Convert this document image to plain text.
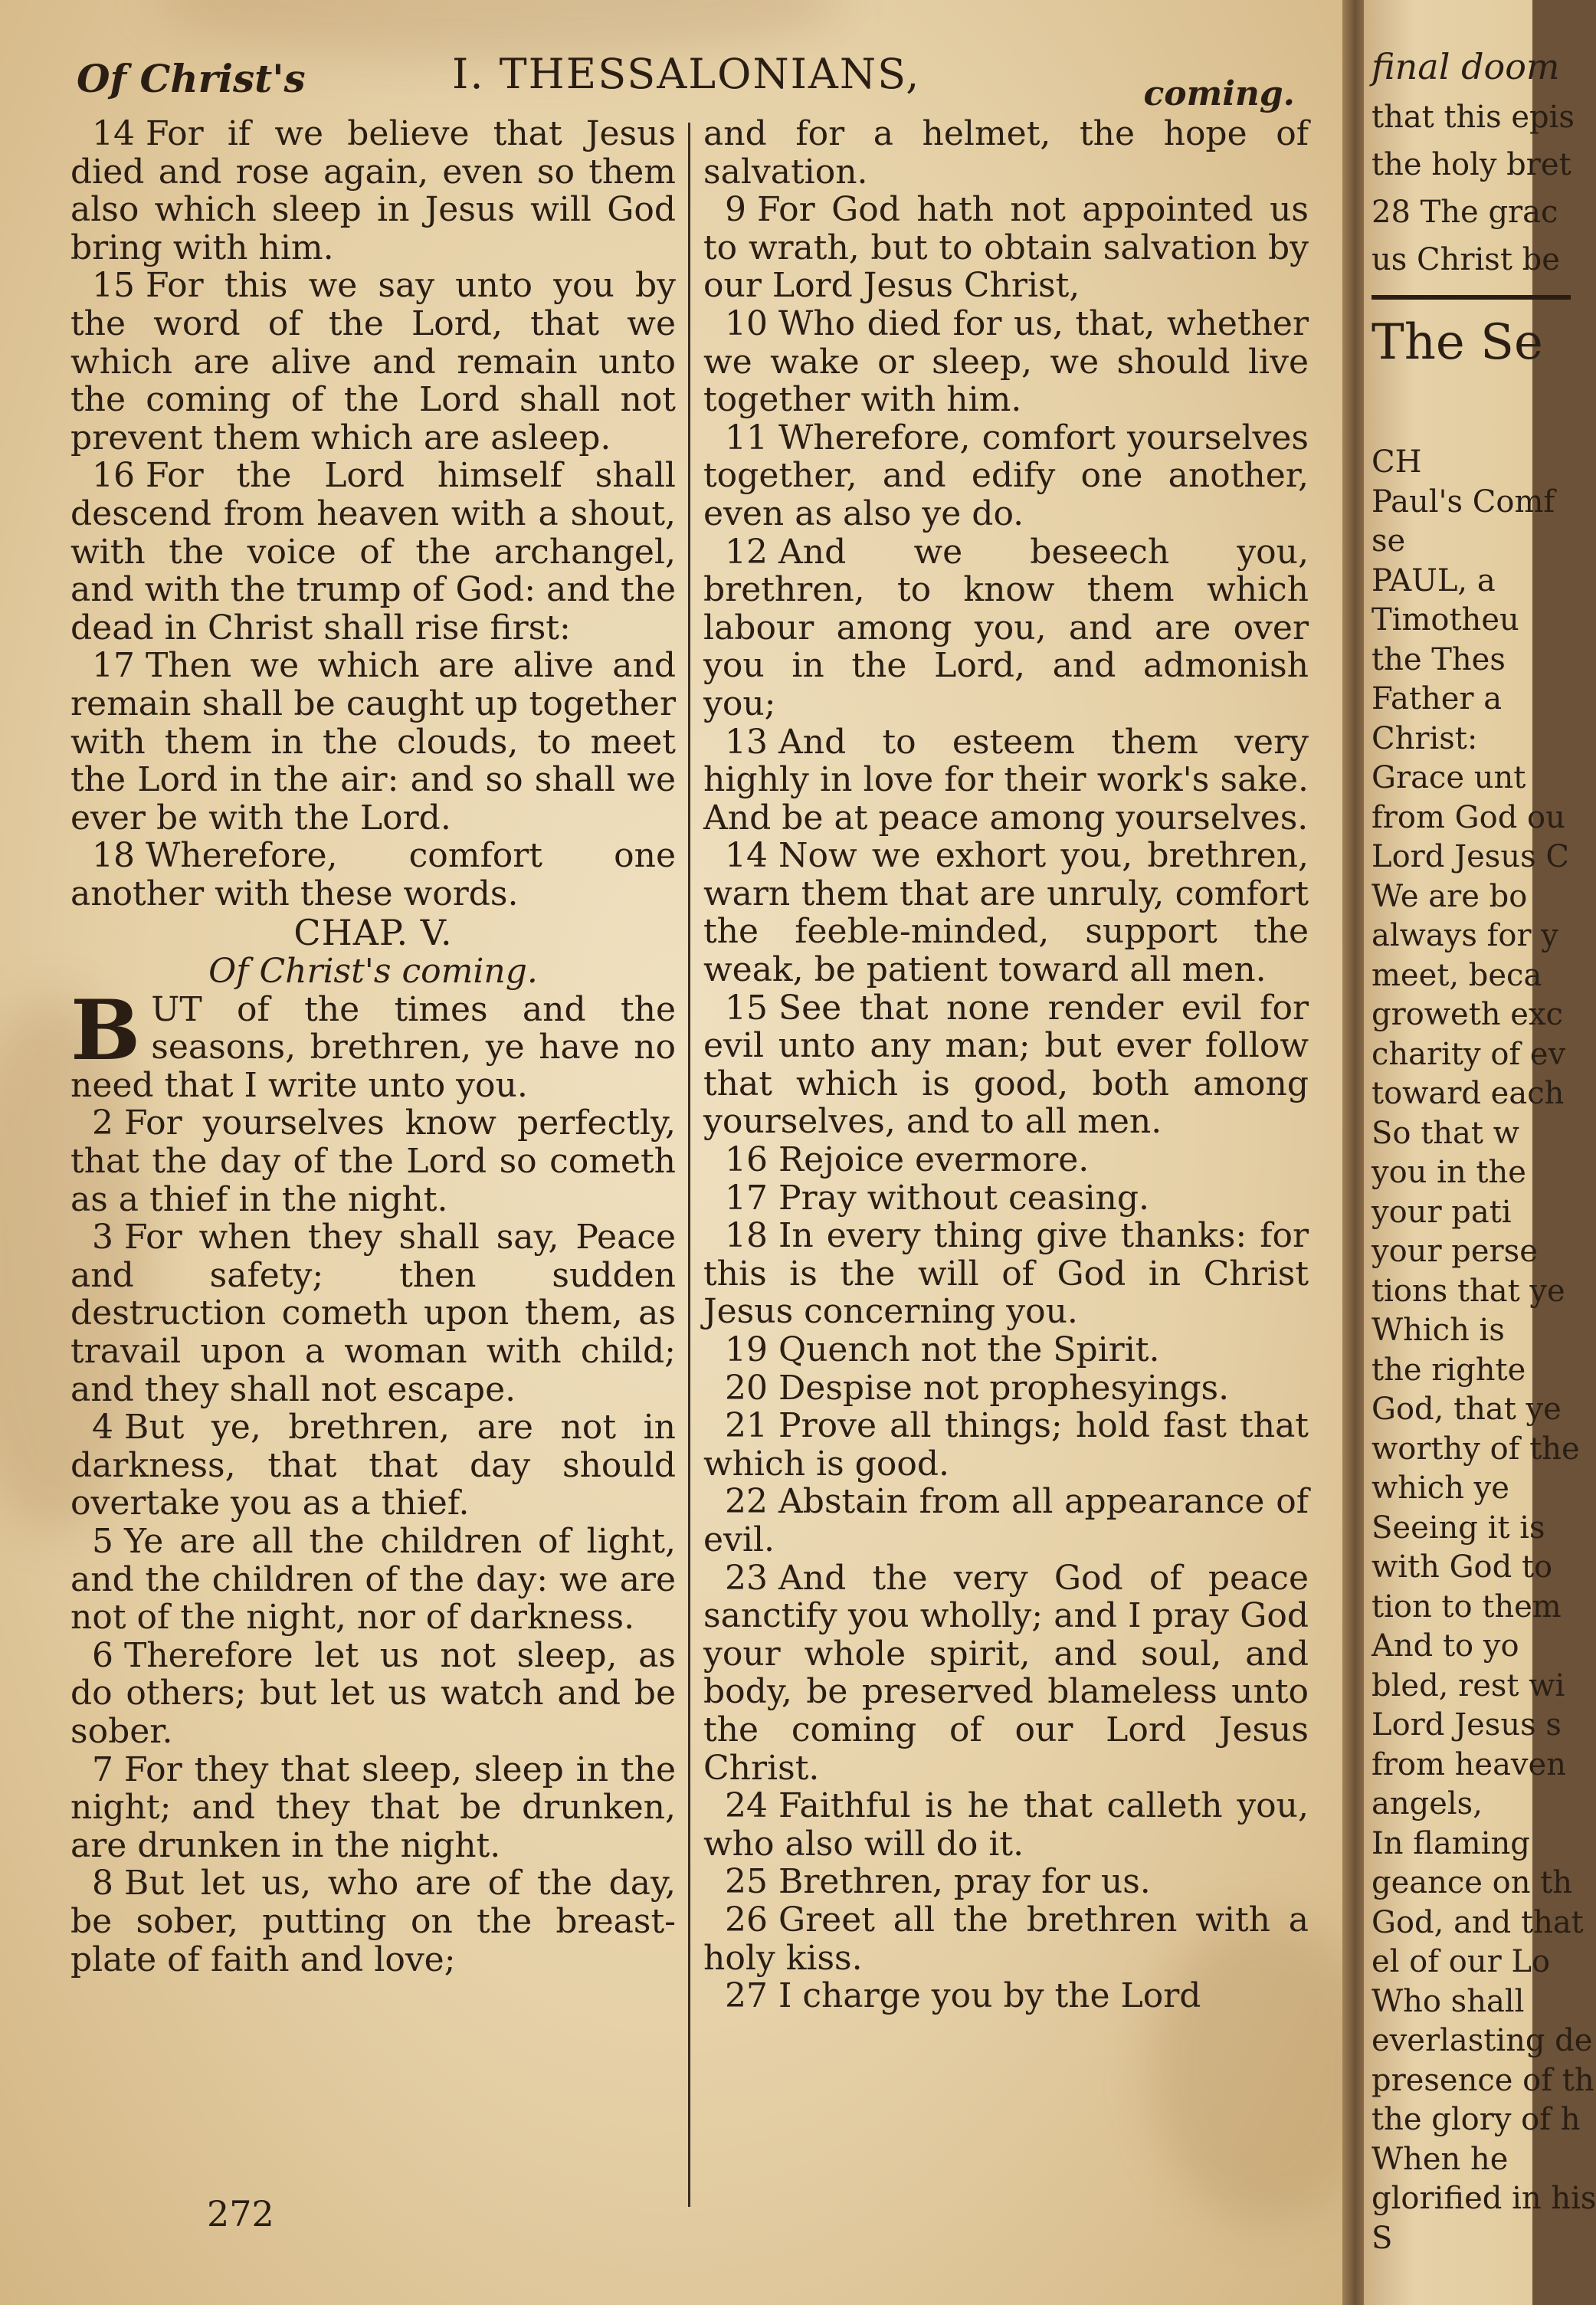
Of Christ's	I. THESSALONIANS,	coming.

14 For if we believe that Jesus died and rose again, even so them also which sleep in Jesus will God bring with him.

15 For this we say unto you by the word of the Lord, that we which are alive and remain unto the coming of the Lord shall not prevent them which are asleep.

16 For the Lord himself shall descend from heaven with a shout, with the voice of the archangel, and with the trump of God: and the dead in Christ shall rise first:

17 Then we which are alive and remain shall be caught up together with them in the clouds, to meet the Lord in the air: and so shall we ever be with the Lord.

18 Wherefore, comfort one another with these words.

CHAP. V.

Of Christ's coming.

BUT of the times and the seasons, brethren, ye have no need that I write unto you.

2 For yourselves know perfectly, that the day of the Lord so cometh as a thief in the night.

3 For when they shall say, Peace and safety; then sudden destruction cometh upon them, as travail upon a woman with child; and they shall not escape.

4 But ye, brethren, are not in darkness, that that day should overtake you as a thief.

5 Ye are all the children of light, and the children of the day: we are not of the night, nor of darkness.

6 Therefore let us not sleep, as do others; but let us watch and be sober.

7 For they that sleep, sleep in the night; and they that be drunken, are drunken in the night.

8 But let us, who are of the day, be sober, putting on the breast-plate of faith and love;

and for a helmet, the hope of salvation.

9 For God hath not appointed us to wrath, but to obtain salvation by our Lord Jesus Christ,

10 Who died for us, that, whether we wake or sleep, we should live together with him.

11 Wherefore, comfort yourselves together, and edify one another, even as also ye do.

12 And we beseech you, brethren, to know them which labour among you, and are over you in the Lord, and admonish you;

13 And to esteem them very highly in love for their work's sake. And be at peace among yourselves.

14 Now we exhort you, brethren, warn them that are unruly, comfort the feeble-minded, support the weak, be patient toward all men.

15 See that none render evil for evil unto any man; but ever follow that which is good, both among yourselves, and to all men.

16 Rejoice evermore.

17 Pray without ceasing.

18 In every thing give thanks: for this is the will of God in Christ Jesus concerning you.

19 Quench not the Spirit.

20 Despise not prophesyings.

21 Prove all things; hold fast that which is good.

22 Abstain from all appearance of evil.

23 And the very God of peace sanctify you wholly; and I pray God your whole spirit, and soul, and body, be preserved blameless unto the coming of our Lord Jesus Christ.

24 Faithful is he that calleth you, who also will do it.

25 Brethren, pray for us.

26 Greet all the brethren with a holy kiss.

27 I charge you by the Lord

272
final doom
The Se
that this epis
the holy bret
28 The grac
us Christ be
CH
Paul's Comf
se
PAUL, a
Timotheu
the Thes
Father a
Christ:
Grace unt
from God ou
Lord Jesus C
We are bo
always for y
meet, beca
groweth exc
charity of ev
toward each
So that w
you in the
your pati
your perse
tions that ye
Which is
the righte
God, that ye
worthy of the
which ye
Seeing it is
with God to
tion to them
And to yo
bled, rest wi
Lord Jesus s
from heaven
angels,
In flaming
geance on th
God, and that
el of our Lo
Who shall
everlasting de
presence of th
the glory of h
When he
glorified in his
S
